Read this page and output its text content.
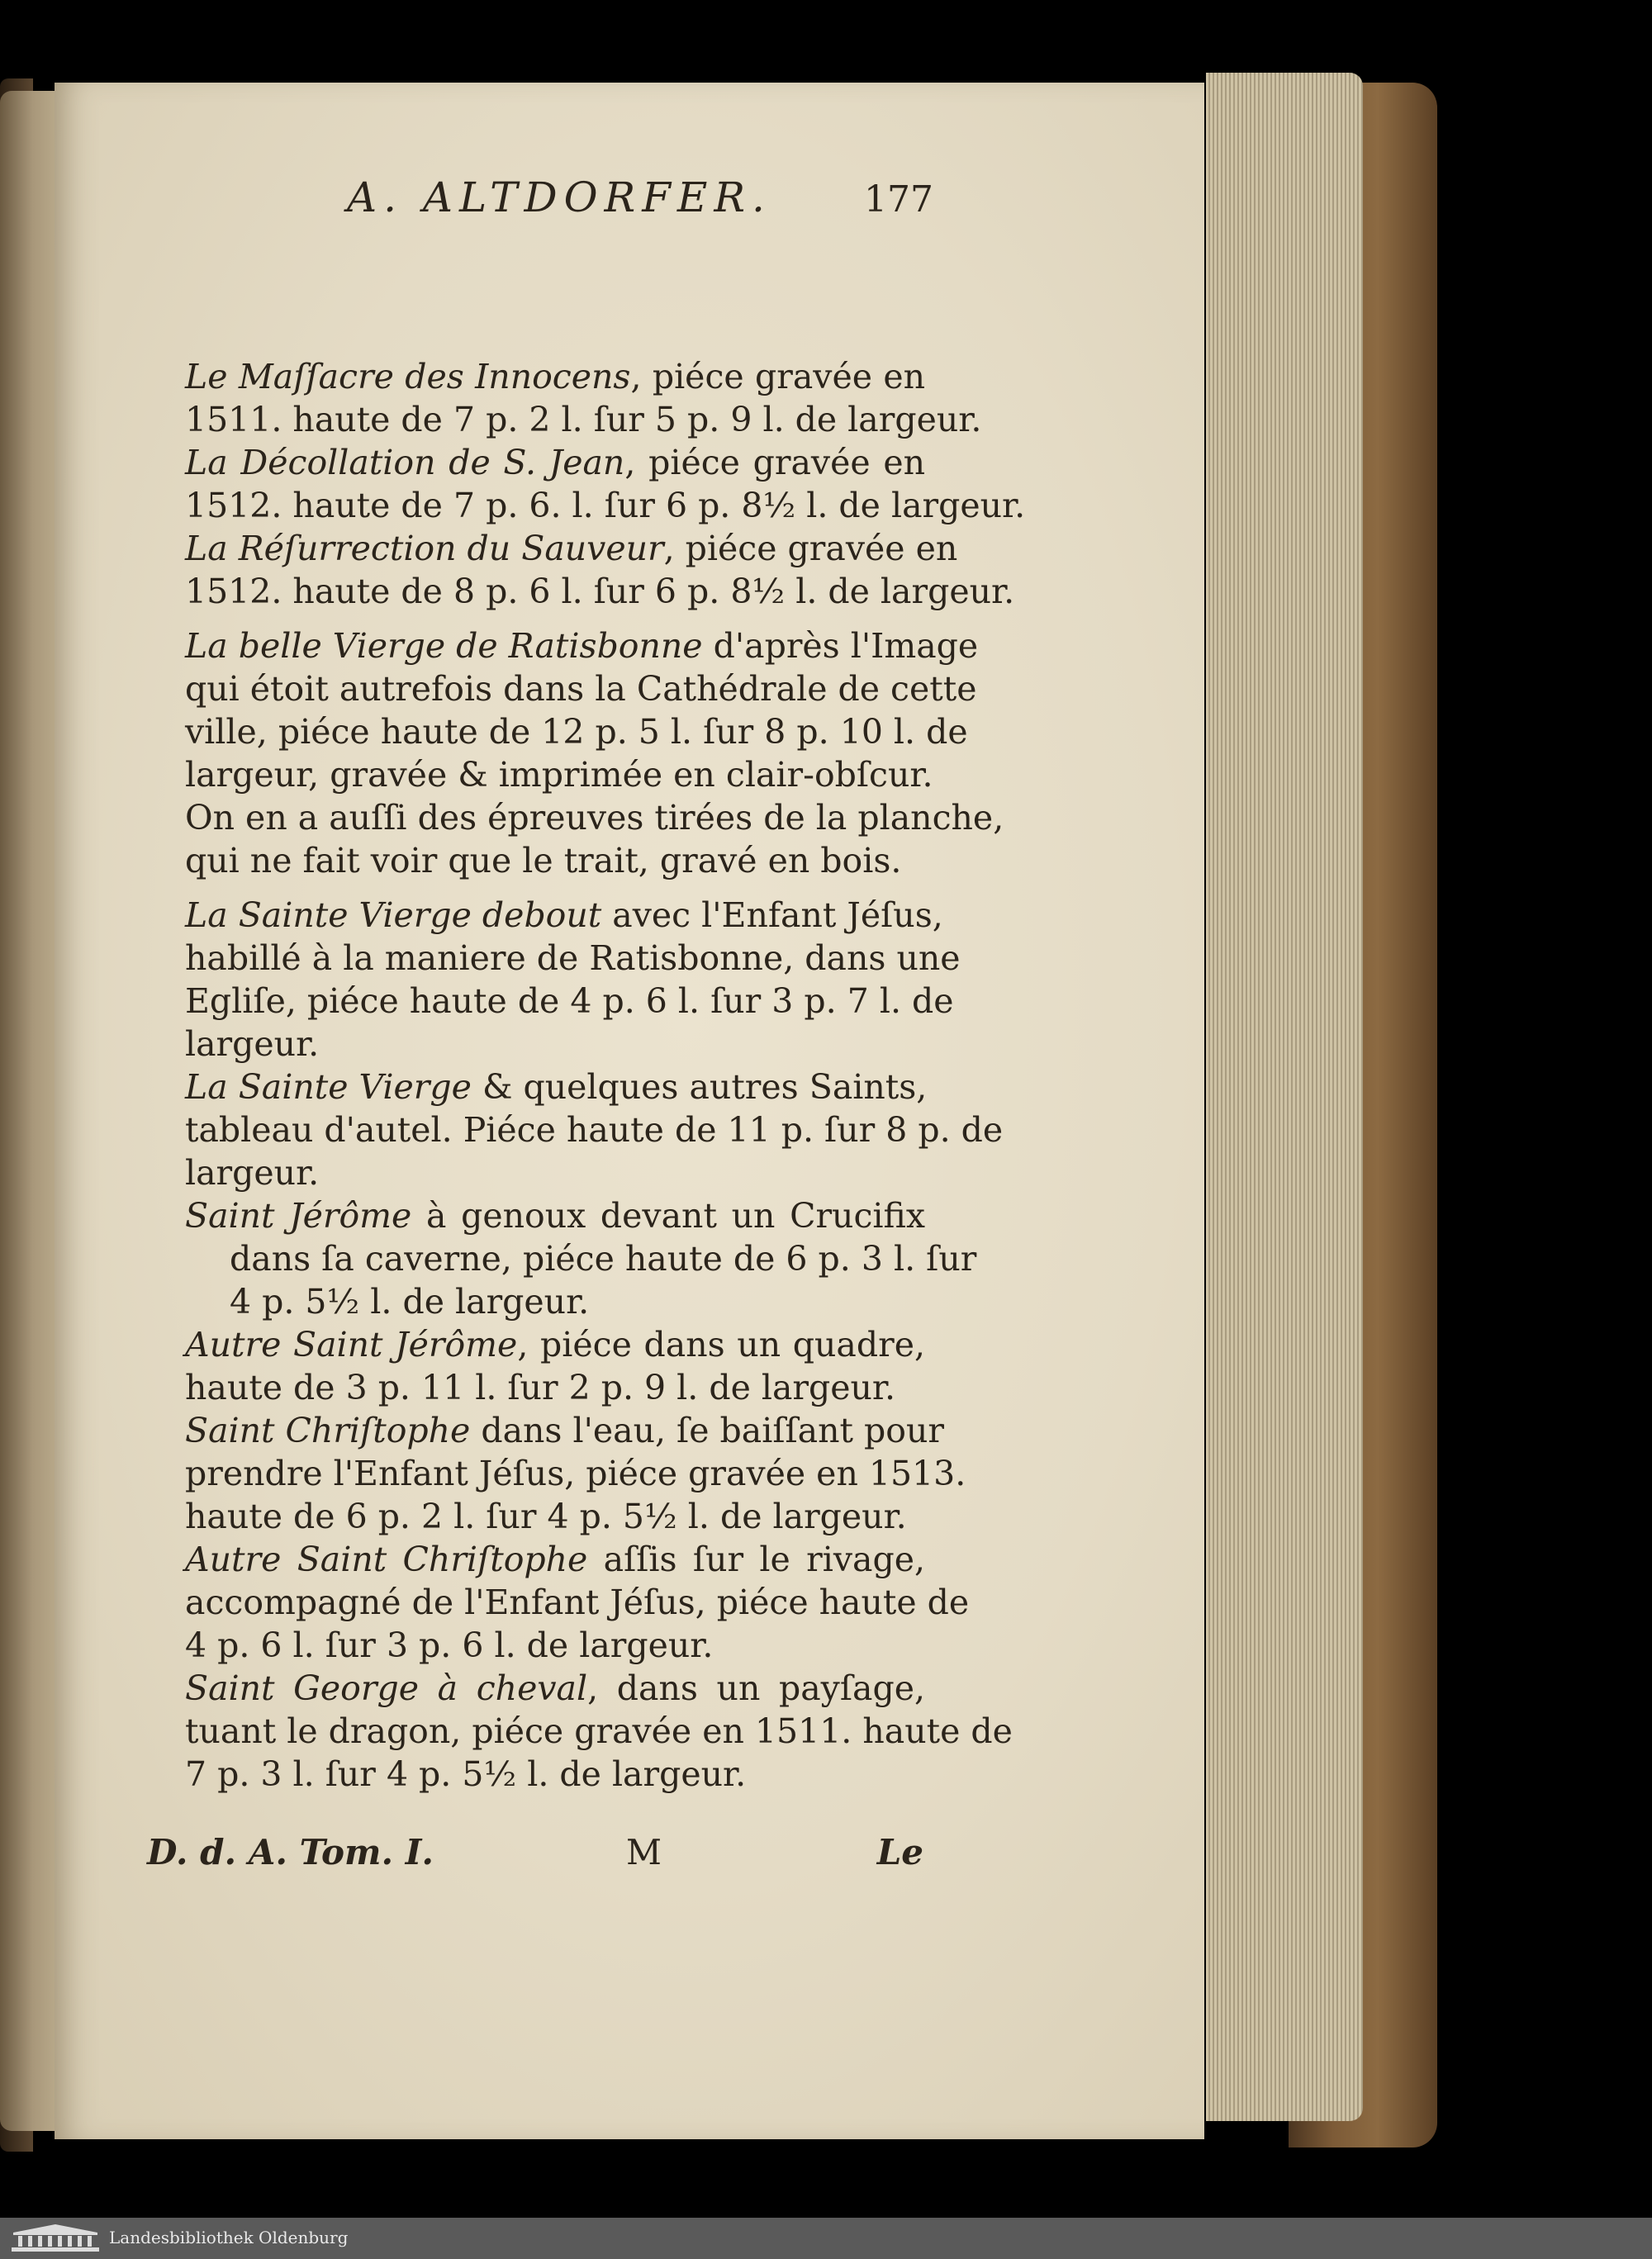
A. ALTDORFER.	177
Le Maſſacre des Innocens, piéce gravée en
1511. haute de 7 p. 2 l. ſur 5 p. 9 l. de largeur.
La Décollation de S. Jean, piéce gravée en
1512. haute de 7 p. 6. l. ſur 6 p. 8½ l. de largeur.
La Réſurrection du Sauveur, piéce gravée en
1512. haute de 8 p. 6 l. ſur 6 p. 8½ l. de largeur.
La belle Vierge de Ratisbonne d'après l'Image
qui étoit autrefois dans la Cathédrale de cette
ville, piéce haute de 12 p. 5 l. ſur 8 p. 10 l. de
largeur, gravée & imprimée en clair-obſcur.
On en a auſſi des épreuves tirées de la planche,
qui ne fait voir que le trait, gravé en bois.
La Sainte Vierge debout avec l'Enfant Jéſus,
habillé à la maniere de Ratisbonne, dans une
Egliſe, piéce haute de 4 p. 6 l. ſur 3 p. 7 l. de
largeur.
La Sainte Vierge & quelques autres Saints,
tableau d'autel. Piéce haute de 11 p. ſur 8 p. de
largeur.
Saint Jérôme à genoux devant un Crucifix
dans ſa caverne, piéce haute de 6 p. 3 l. ſur
4 p. 5½ l. de largeur.
Autre Saint Jérôme, piéce dans un quadre,
haute de 3 p. 11 l. ſur 2 p. 9 l. de largeur.
Saint Chriſtophe dans l'eau, ſe baiſſant pour
prendre l'Enfant Jéſus, piéce gravée en 1513.
haute de 6 p. 2 l. ſur 4 p. 5½ l. de largeur.
Autre Saint Chriſtophe aſſis ſur le rivage,
accompagné de l'Enfant Jéſus, piéce haute de
4 p. 6 l. ſur 3 p. 6 l. de largeur.
Saint George à cheval, dans un payſage,
tuant le dragon, piéce gravée en 1511. haute de
7 p. 3 l. ſur 4 p. 5½ l. de largeur.
D. d. A. Tom. I.	M	Le
Landesbibliothek Oldenburg
